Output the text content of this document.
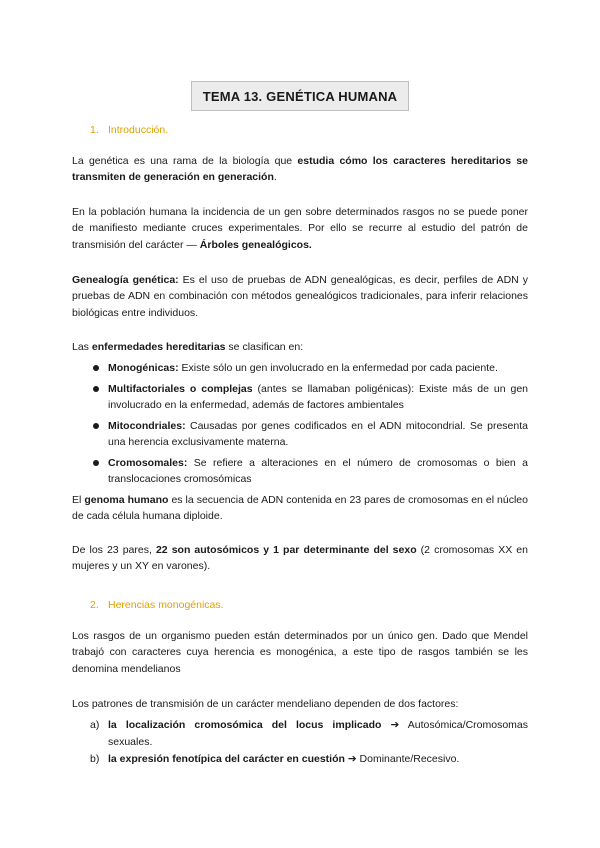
TEMA 13. GENÉTICA HUMANA
1. Introducción.

La genética es una rama de la biología que estudia cómo los caracteres hereditarios se transmiten de generación en generación.

En la población humana la incidencia de un gen sobre determinados rasgos no se puede poner de manifiesto mediante cruces experimentales. Por ello se recurre al estudio del patrón de transmisión del carácter — Árboles genealógicos.

Genealogía genética: Es el uso de pruebas de ADN genealógicas, es decir, perfiles de ADN y pruebas de ADN en combinación con métodos genealógicos tradicionales, para inferir relaciones biológicas entre individuos.

Las enfermedades hereditarias se clasifican en:

Monogénicas: Existe sólo un gen involucrado en la enfermedad por cada paciente.
Multifactoriales o complejas (antes se llamaban poligénicas): Existe más de un gen involucrado en la enfermedad, además de factores ambientales
Mitocondriales: Causadas por genes codificados en el ADN mitocondrial. Se presenta una herencia exclusivamente materna.
Cromosomales: Se refiere a alteraciones en el número de cromosomas o bien a translocaciones cromosómicas

El genoma humano es la secuencia de ADN contenida en 23 pares de cromosomas en el núcleo de cada célula humana diploide.

De los 23 pares, 22 son autosómicos y 1 par determinante del sexo (2 cromosomas XX en mujeres y un XY en varones).

2. Herencias monogénicas.

Los rasgos de un organismo pueden están determinados por un único gen. Dado que Mendel trabajó con caracteres cuya herencia es monogénica, a este tipo de rasgos también se les denomina mendelianos

Los patrones de transmisión de un carácter mendeliano dependen de dos factores:

a) la localización cromosómica del locus implicado ➔ Autosómica/Cromosomas sexuales.
b) la expresión fenotípica del carácter en cuestión ➔ Dominante/Recesivo.
